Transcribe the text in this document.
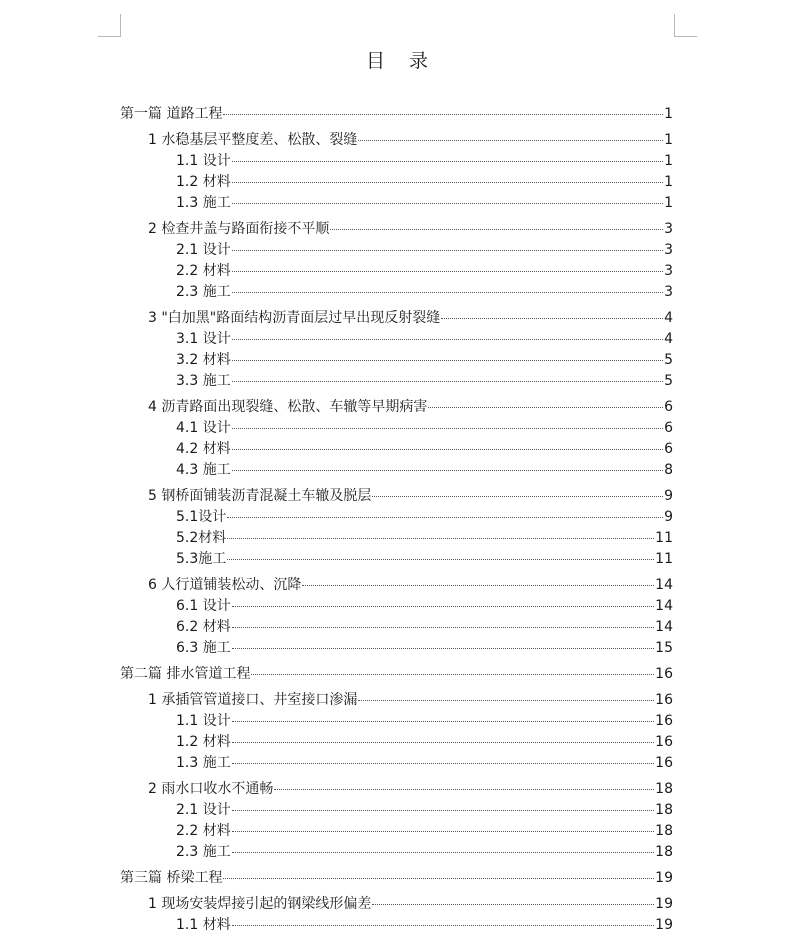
目 录
第一篇 道路工程	1
1 水稳基层平整度差、松散、裂缝	1
1.1 设计	1
1.2 材料	1
1.3 施工	1
2 检查井盖与路面衔接不平顺	3
2.1 设计	3
2.2 材料	3
2.3 施工	3
3 "白加黑"路面结构沥青面层过早出现反射裂缝	4
3.1 设计	4
3.2 材料	5
3.3 施工	5
4 沥青路面出现裂缝、松散、车辙等早期病害	6
4.1 设计	6
4.2 材料	6
4.3 施工	8
5 钢桥面铺装沥青混凝土车辙及脱层	9
5.1设计	9
5.2材料	11
5.3施工	11
6 人行道铺装松动、沉降	14
6.1 设计	14
6.2 材料	14
6.3 施工	15
第二篇 排水管道工程	16
1 承插管管道接口、井室接口渗漏	16
1.1 设计	16
1.2 材料	16
1.3 施工	16
2 雨水口收水不通畅	18
2.1 设计	18
2.2 材料	18
2.3 施工	18
第三篇 桥梁工程	19
1 现场安装焊接引起的钢梁线形偏差	19
1.1 材料	19
